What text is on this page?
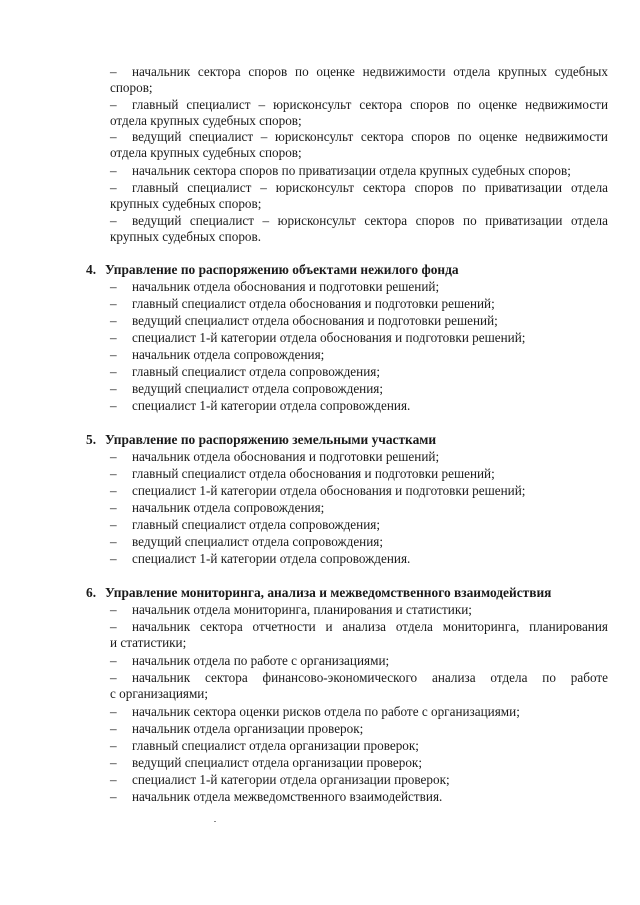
–	начальник сектора споров по оценке недвижимости отдела крупных судебных
споров;
–	главный специалист – юрисконсульт сектора споров по оценке недвижимости
отдела крупных судебных споров;
–	ведущий специалист – юрисконсульт сектора споров по оценке недвижимости
отдела крупных судебных споров;
–	начальник сектора споров по приватизации отдела крупных судебных споров;
–	главный специалист – юрисконсульт сектора споров по приватизации отдела
крупных судебных споров;
–	ведущий специалист – юрисконсульт сектора споров по приватизации отдела
крупных судебных споров.
4. Управление по распоряжению объектами нежилого фонда
–	начальник отдела обоснования и подготовки решений;
–	главный специалист отдела обоснования и подготовки решений;
–	ведущий специалист отдела обоснования и подготовки решений;
–	специалист 1-й категории отдела обоснования и подготовки решений;
–	начальник отдела сопровождения;
–	главный специалист отдела сопровождения;
–	ведущий специалист отдела сопровождения;
–	специалист 1-й категории отдела сопровождения.
5. Управление по распоряжению земельными участками
–	начальник отдела обоснования и подготовки решений;
–	главный специалист отдела обоснования и подготовки решений;
–	специалист 1-й категории отдела обоснования и подготовки решений;
–	начальник отдела сопровождения;
–	главный специалист отдела сопровождения;
–	ведущий специалист отдела сопровождения;
–	специалист 1-й категории отдела сопровождения.
6. Управление мониторинга, анализа и межведомственного взаимодействия
–	начальник отдела мониторинга, планирования и статистики;
–	начальник сектора отчетности и анализа отдела мониторинга, планирования
и статистики;
–	начальник отдела по работе с организациями;
–	начальник сектора финансово-экономического анализа отдела по работе
с организациями;
–	начальник сектора оценки рисков отдела по работе с организациями;
–	начальник отдела организации проверок;
–	главный специалист отдела организации проверок;
–	ведущий специалист отдела организации проверок;
–	специалист 1-й категории отдела организации проверок;
–	начальник отдела межведомственного взаимодействия.
